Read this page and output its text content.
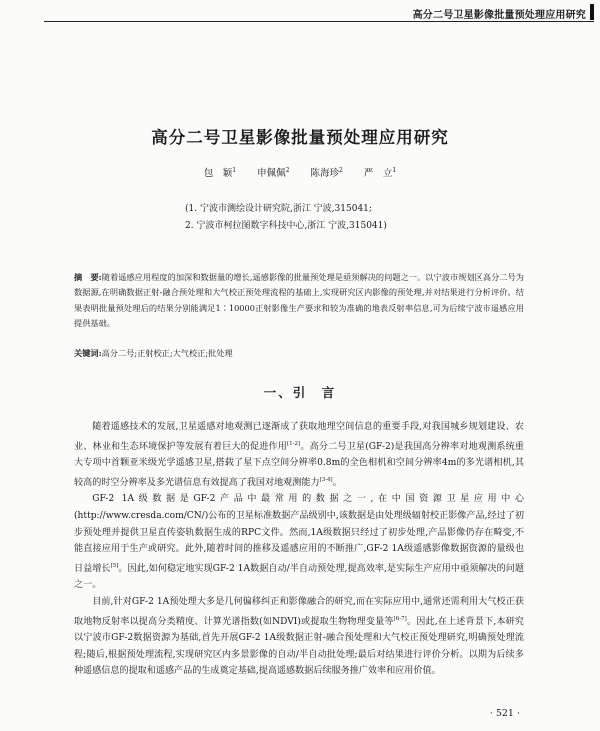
高分二号卫星影像批量预处理应用研究
高分二号卫星影像批量预处理应用研究
包　颖$^1$ 申佩佩$^2$ 陈海珍$^2$ 严　立$^1$
(1. 宁波市测绘设计研究院,浙江 宁波,315041;
2. 宁波市柯拉图数字科技中心,浙江 宁波,315041)
摘　要:随着遥感应用程度的加深和数据量的增长,遥感影像的批量预处理是亟须解决的问题之一。以宁波市规划区高分二号为数据源,在明确数据正射-融合预处理和大气校正预处理流程的基础上,实现研究区内影像的预处理,并对结果进行分析评价。结果表明批量预处理后的结果分别能满足1∶10000正射影像生产要求和较为准确的地表反射率信息,可为后续宁波市遥感应用提供基础。
关键词:高分二号;正射校正;大气校正;批处理
一、引　言

随着遥感技术的发展,卫星遥感对地观测已逐渐成了获取地理空间信息的重要手段,对我国城乡规划建设、农业、林业和生态环境保护等发展有着巨大的促进作用[1-2]。高分二号卫星(GF-2)是我国高分辨率对地观测系统重大专项中首颗亚米级光学遥感卫星,搭载了星下点空间分辨率0.8m的全色相机和空间分辨率4m的多光谱相机,其较高的时空分辨率及多光谱信息有效提高了我国对地观测能力[3-4]。

GF-2 1A级数据是GF-2产品中最常用的数据之一,在中国资源卫星应用中心(http://www.cresda.com/CN/)公布的卫星标准数据产品级别中,该数据是由处理级辐射校正影像产品,经过了初步预处理并提供卫星直传姿轨数据生成的RPC文件。然而,1A级数据只经过了初步处理,产品影像仍存在畸变,不能直接应用于生产或研究。此外,随着时间的推移及遥感应用的不断推广,GF-2 1A级遥感影像数据资源的量级也日益增长[5]。因此,如何稳定地实现GF-2 1A数据自动/半自动预处理,提高效率,是实际生产应用中亟须解决的问题之一。

目前,针对GF-2 1A预处理大多是几何偏移纠正和影像融合的研究,而在实际应用中,通常还需利用大气校正获取地物反射率以提高分类精度、计算光谱指数(如NDVI)或提取生物物理变量等[6-7]。因此,在上述背景下,本研究以宁波市GF-2数据资源为基础,首先开展GF-2 1A级数据正射-融合预处理和大气校正预处理研究,明确预处理流程;随后,根据预处理流程,实现研究区内多景影像的自动/半自动批处理;最后对结果进行评价分析。以期为后续多种遥感信息的提取和遥感产品的生成奠定基础,提高遥感数据后续服务推广效率和应用价值。

· 521 ·
